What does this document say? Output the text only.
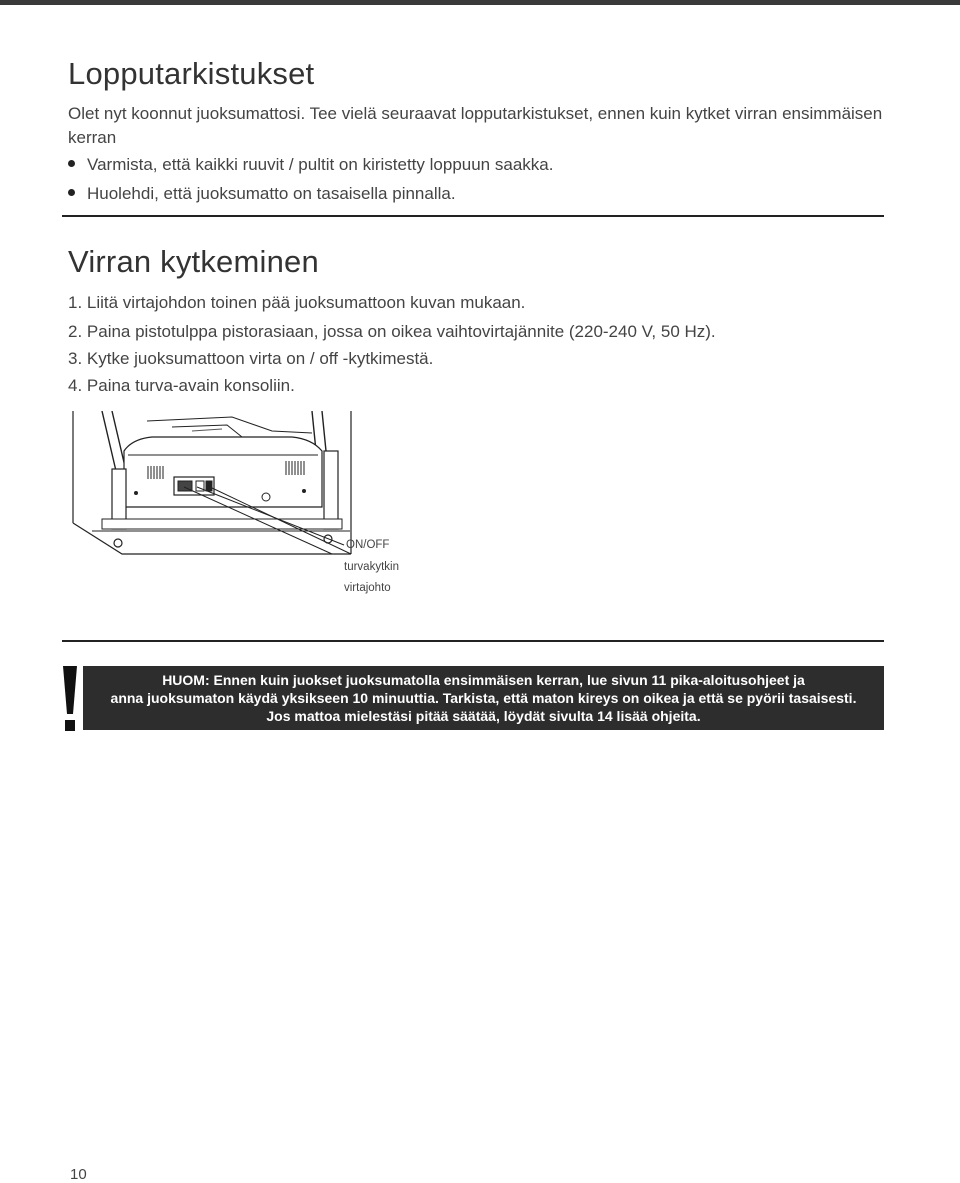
Lopputarkistukset

Olet nyt koonnut juoksumattosi. Tee vielä seuraavat lopputarkistukset, ennen kuin kytket virran ensimmäisen kerran

Varmista, että kaikki ruuvit / pultit on kiristetty loppuun saakka.
Huolehdi, että juoksumatto on tasaisella pinnalla.
Virran kytkeminen
1. Liitä virtajohdon toinen pää juoksumattoon kuvan mukaan.
2. Paina pistotulppa pistorasiaan, jossa on oikea vaihtovirtajännite (220-240 V, 50 Hz).
3. Kytke juoksumattoon virta on / off -kytkimestä.
4. Paina turva-avain konsoliin.
ON/OFF
turvakytkin
virtajohto
HUOM: Ennen kuin juokset juoksumatolla ensimmäisen kerran, lue sivun 11 pika-aloitusohjeet ja
anna juoksumaton käydä yksikseen 10 minuuttia. Tarkista, että maton kireys on oikea ja että se pyörii tasaisesti.
Jos mattoa mielestäsi pitää säätää, löydät sivulta 14 lisää ohjeita.
10
